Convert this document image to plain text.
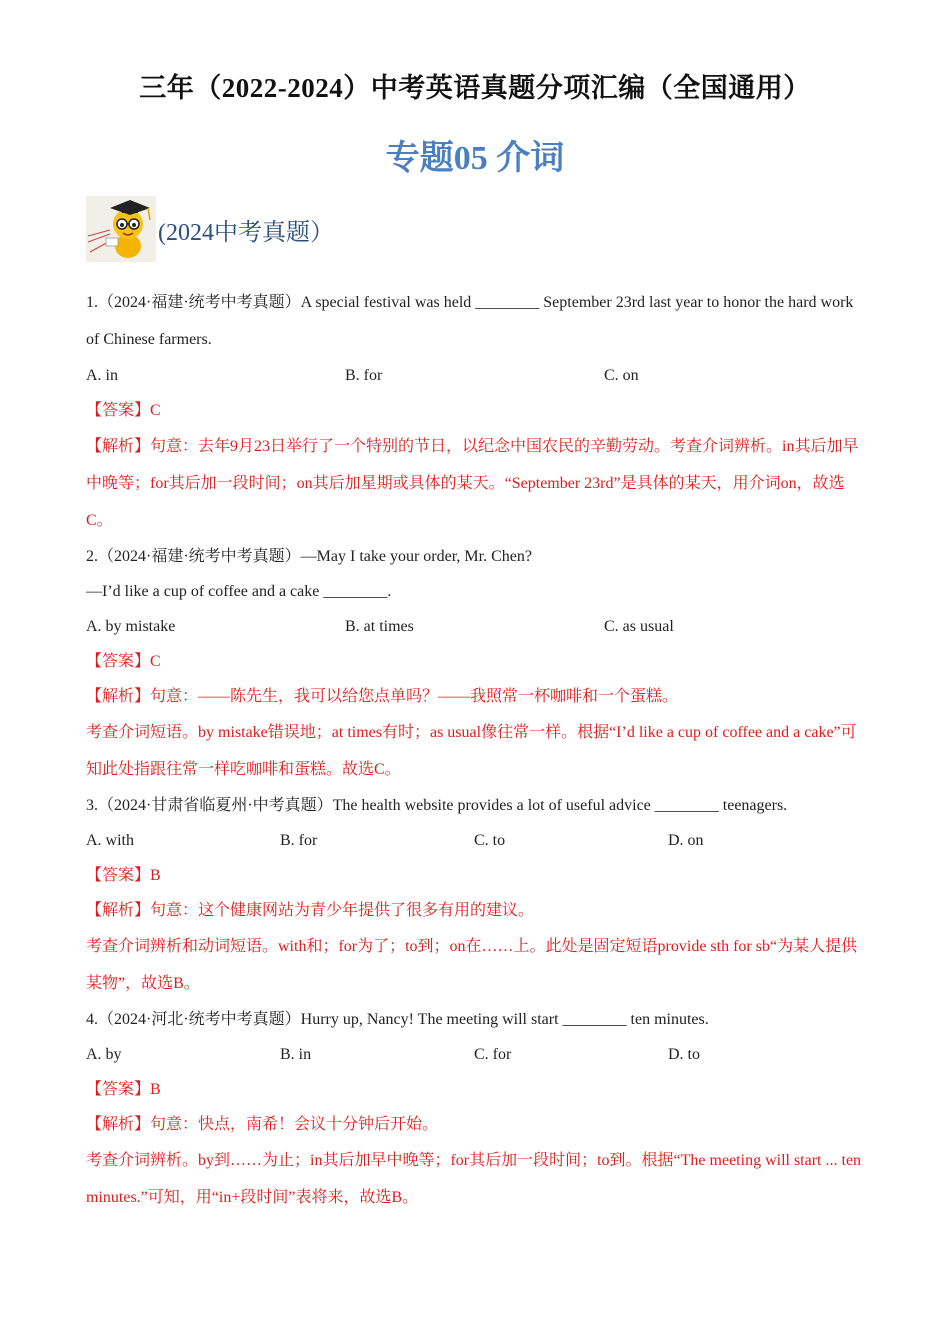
三年（2022-2024）中考英语真题分项汇编（全国通用）
专题05 介词
(2024中考真题）
1.（2024·福建·统考中考真题）A special festival was held ________ September 23rd last year to honor the hard work of Chinese farmers.
A. in	B. for	C. on
【答案】C
【解析】句意：去年9月23日举行了一个特别的节日，以纪念中国农民的辛勤劳动。考查介词辨析。in其后加早中晚等；for其后加一段时间；on其后加星期或具体的某天。“September 23rd”是具体的某天，用介词on，故选C。
2.（2024·福建·统考中考真题）—May I take your order, Mr. Chen?
—I’d like a cup of coffee and a cake ________.
A. by mistake	B. at times	C. as usual
【答案】C
【解析】句意：——陈先生，我可以给您点单吗？——我照常一杯咖啡和一个蛋糕。
考查介词短语。by mistake错误地；at times有时；as usual像往常一样。根据“I’d like a cup of coffee and a cake”可知此处指跟往常一样吃咖啡和蛋糕。故选C。
3.（2024·甘肃省临夏州·中考真题）The health website provides a lot of useful advice ________ teenagers.
A. with	B. for	C. to	D. on
【答案】B
【解析】句意：这个健康网站为青少年提供了很多有用的建议。
考查介词辨析和动词短语。with和；for为了；to到；on在……上。此处是固定短语provide sth for sb“为某人提供某物”，故选B。
4.（2024·河北·统考中考真题）Hurry up, Nancy! The meeting will start ________ ten minutes.
A. by	B. in	C. for	D. to
【答案】B
【解析】句意：快点，南希！会议十分钟后开始。
考查介词辨析。by到……为止；in其后加早中晚等；for其后加一段时间；to到。根据“The meeting will start ... ten minutes.”可知，用“in+段时间”表将来，故选B。
